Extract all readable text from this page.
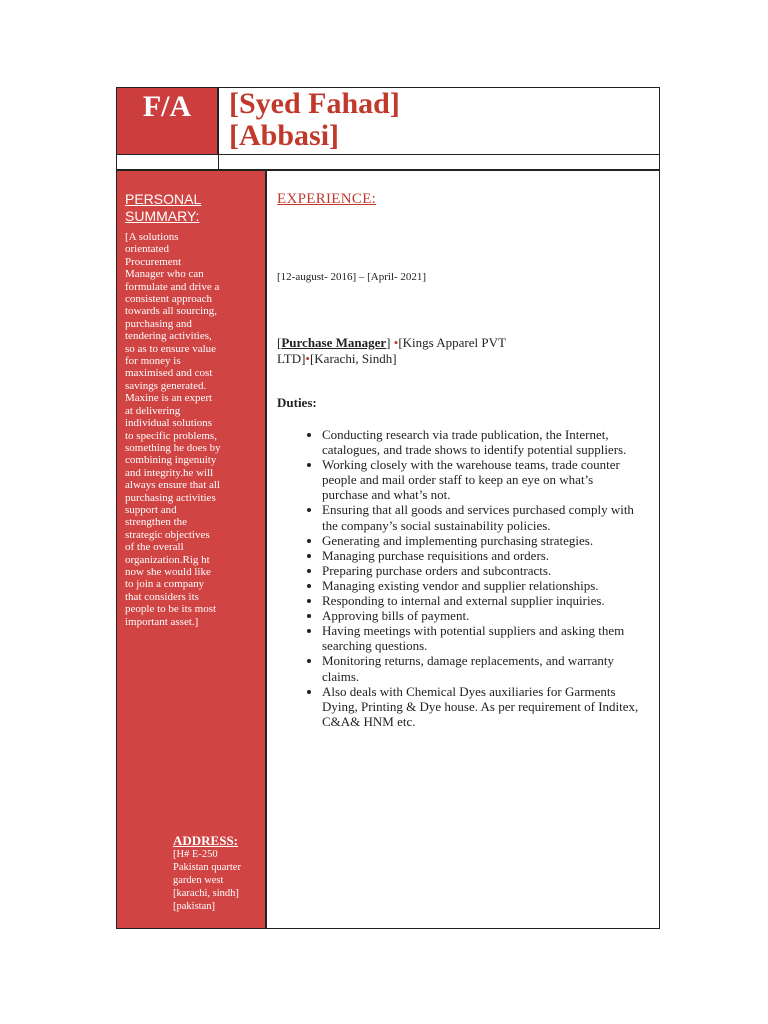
F/A	[Syed Fahad]
[Abbasi]
PERSONAL SUMMARY:
[A solutions orientated Procurement Manager who can formulate and drive a consistent approach towards all sourcing, purchasing and tendering activities, so as to ensure value for money is maximised and cost savings generated. Maxine is an expert at delivering individual solutions to specific problems, something he does by combining ingenuity and integrity.he will always ensure that all purchasing activities support and strengthen the strategic objectives of the overall organization.Rig ht now she would like to join a company that considers its people to be its most important asset.]
ADDRESS:
[H# E-250
Pakistan quarter
garden west
[karachi, sindh]
[pakistan]
EXPERIENCE:
[12-august- 2016] – [April- 2021]
[Purchase Manager] •[Kings Apparel PVT LTD]•[Karachi, Sindh]
Duties:
• Conducting research via trade publication, the Internet, catalogues, and trade shows to identify potential suppliers.
• Working closely with the warehouse teams, trade counter people and mail order staff to keep an eye on what’s purchase and what’s not.
• Ensuring that all goods and services purchased comply with the company’s social sustainability policies.
• Generating and implementing purchasing strategies.
• Managing purchase requisitions and orders.
• Preparing purchase orders and subcontracts.
• Managing existing vendor and supplier relationships.
• Responding to internal and external supplier inquiries.
• Approving bills of payment.
• Having meetings with potential suppliers and asking them searching questions.
• Monitoring returns, damage replacements, and warranty claims.
• Also deals with Chemical Dyes auxiliaries for Garments Dying, Printing & Dye house. As per requirement of Inditex, C&A& HNM etc.
